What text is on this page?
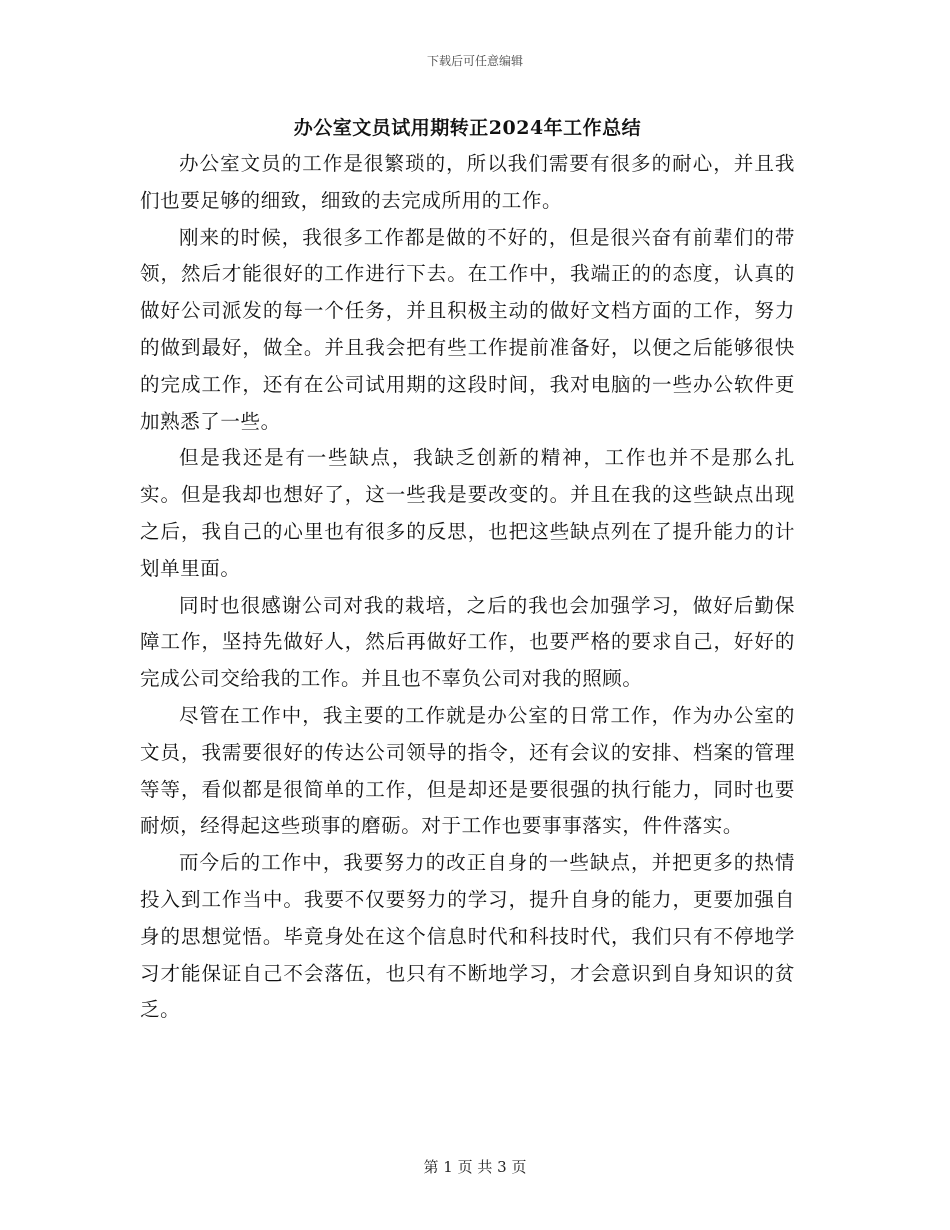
下载后可任意编辑
办公室文员试用期转正2024年工作总结

办公室文员的工作是很繁琐的，所以我们需要有很多的耐心，并且我们也要足够的细致，细致的去完成所用的工作。

刚来的时候，我很多工作都是做的不好的，但是很兴奋有前辈们的带领，然后才能很好的工作进行下去。在工作中，我端正的的态度，认真的做好公司派发的每一个任务，并且积极主动的做好文档方面的工作，努力的做到最好，做全。并且我会把有些工作提前准备好，以便之后能够很快的完成工作，还有在公司试用期的这段时间，我对电脑的一些办公软件更加熟悉了一些。

但是我还是有一些缺点，我缺乏创新的精神，工作也并不是那么扎实。但是我却也想好了，这一些我是要改变的。并且在我的这些缺点出现之后，我自己的心里也有很多的反思，也把这些缺点列在了提升能力的计划单里面。

同时也很感谢公司对我的栽培，之后的我也会加强学习，做好后勤保障工作，坚持先做好人，然后再做好工作，也要严格的要求自己，好好的完成公司交给我的工作。并且也不辜负公司对我的照顾。

尽管在工作中，我主要的工作就是办公室的日常工作，作为办公室的文员，我需要很好的传达公司领导的指令，还有会议的安排、档案的管理等等，看似都是很简单的工作，但是却还是要很强的执行能力，同时也要耐烦，经得起这些琐事的磨砺。对于工作也要事事落实，件件落实。

而今后的工作中，我要努力的改正自身的一些缺点，并把更多的热情投入到工作当中。我要不仅要努力的学习，提升自身的能力，更要加强自身的思想觉悟。毕竟身处在这个信息时代和科技时代，我们只有不停地学习才能保证自己不会落伍，也只有不断地学习，才会意识到自身知识的贫乏。

第 1 页 共 3 页
